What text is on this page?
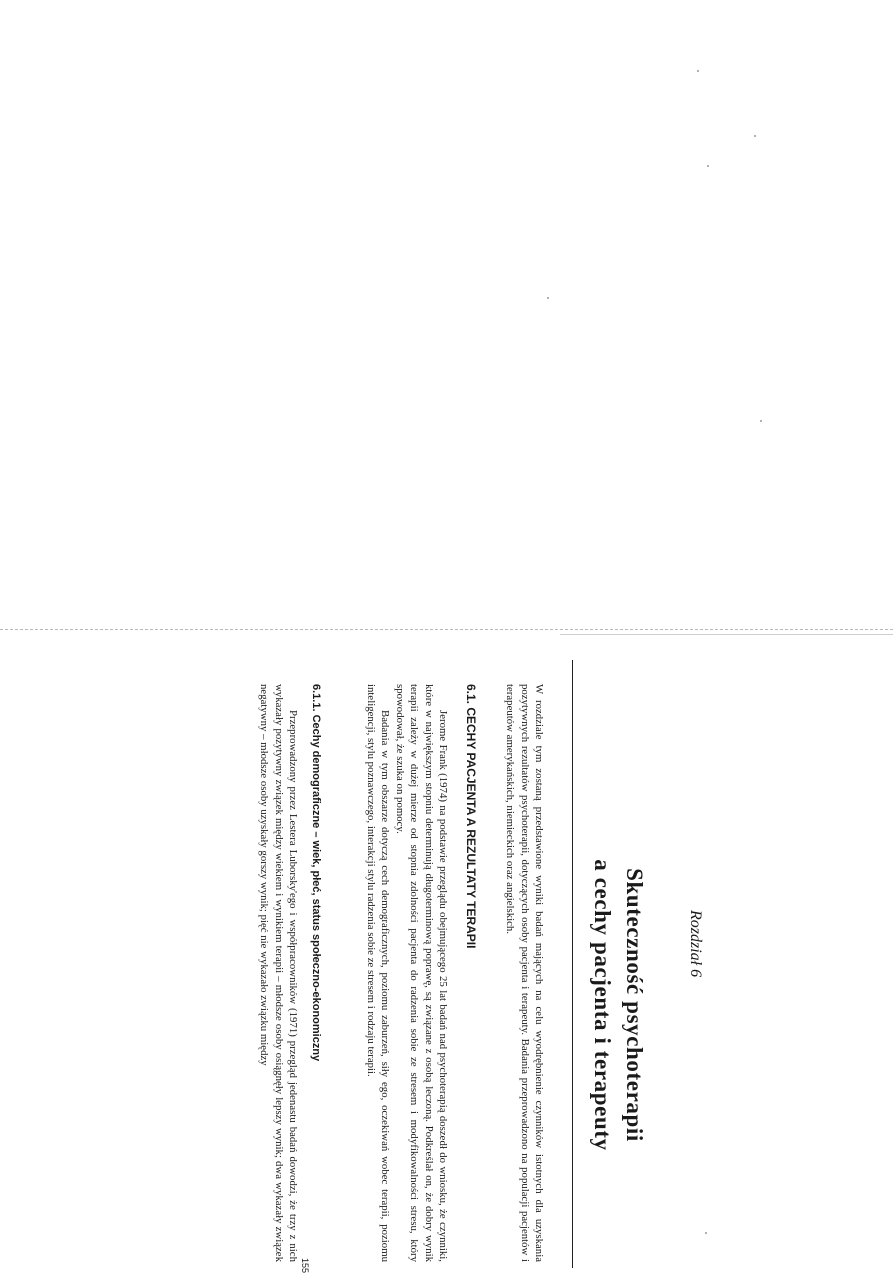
Rozdział 6
Skuteczność psychoterapii
a cechy pacjenta i terapeuty
W rozdziale tym zostaną przedstawione wyniki badań mających na celu wyodrębnienie czynników istotnych dla uzyskania pozytywnych rezultatów psychoterapii, dotyczących osoby pacjenta i terapeuty. Badania przeprowadzono na populacji pacjentów i terapeutów amerykańskich, niemieckich oraz angielskich.
6.1. CECHY PACJENTA A REZULTATY TERAPII

Jerome Frank (1974) na podstawie przeglądu obejmującego 25 lat badań nad psychoterapią doszedł do wniosku, że czynniki, które w największym stopniu determinują długoterminową poprawę, są związane z osobą leczoną. Podkreślał on, że dobry wynik terapii zależy w dużej mierze od stopnia zdolności pacjenta do radzenia sobie ze stresem i modyfikowalności stresu, który spowodował, że szuka on pomocy.

Badania w tym obszarze dotyczą cech demograficznych, poziomu zaburzeń, siły ego, oczekiwań wobec terapii, poziomu inteligencji, stylu poznawczego, interakcji stylu radzenia sobie ze stresem i rodzaju terapii.

6.1.1. Cechy demograficzne – wiek, płeć, status społeczno-ekonomiczny

Przeprowadzony przez Lestera Luborsky'ego i współpracowników (1971) przegląd jedenastu badań dowodzi, że trzy z nich wykazały pozytywny związek między wiekiem i wynikiem terapii – młodsze osoby osiągnęły lepszy wynik; dwa wykazały związek negatywny – młodsze osoby uzyskały gorszy wynik; pięć nie wykazało związku między

155
